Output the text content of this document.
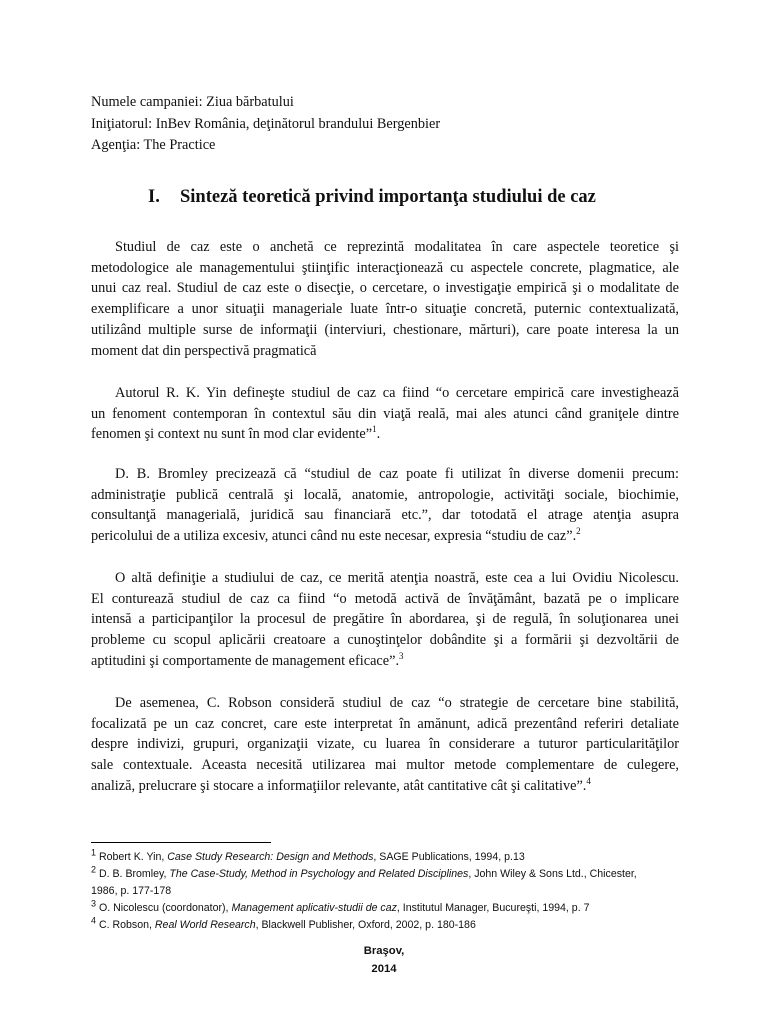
Numele campaniei: Ziua bărbatului
Iniţiatorul: InBev România, deţinătorul brandului Bergenbier
Agenţia: The Practice
I. Sinteză teoretică privind importanţa studiului de caz
Studiul de caz este o anchetă ce reprezintă modalitatea în care aspectele teoretice şi
metodologice ale managementului ştiinţific interacţionează cu aspectele concrete, plagmatice, ale
unui caz real. Studiul de caz este o disecţie, o cercetare, o investigaţie empirică şi o modalitate de
exemplificare a unor situaţii manageriale luate într-o situaţie concretă, puternic contextualizată,
utilizând multiple surse de informaţii (interviuri, chestionare, mărturi), care poate interesa la un
moment dat din perspectivă pragmatică
Autorul R. K. Yin defineşte studiul de caz ca fiind “o cercetare empirică care investighează
un fenoment contemporan în contextul său din viaţă reală, mai ales atunci când graniţele dintre
fenomen şi context nu sunt în mod clar evidente”$^1$.
D. B. Bromley precizează că “studiul de caz poate fi utilizat în diverse domenii precum:
administraţie publică centrală şi locală, anatomie, antropologie, activităţi sociale, biochimie,
consultanţă managerială, juridică sau financiară etc.”, dar totodată el atrage atenţia asupra
pericolului de a utiliza excesiv, atunci când nu este necesar, expresia “studiu de caz”.$^2$
O altă definiţie a studiului de caz, ce merită atenţia noastră, este cea a lui Ovidiu Nicolescu.
El conturează studiul de caz ca fiind “o metodă activă de învăţământ, bazată pe o implicare
intensă a participanţilor la procesul de pregătire în abordarea, şi de regulă, în soluţionarea unei
probleme cu scopul aplicării creatoare a cunoştinţelor dobândite şi a formării şi dezvoltării de
aptitudini şi comportamente de management eficace”.$^3$
De asemenea, C. Robson consideră studiul de caz “o strategie de cercetare bine stabilită,
focalizată pe un caz concret, care este interpretat în amănunt, adică prezentând referiri detaliate
despre indivizi, grupuri, organizaţii vizate, cu luarea în considerare a tuturor particularităţilor
sale contextuale. Aceasta necesită utilizarea mai multor metode complementare de culegere,
analiză, prelucrare şi stocare a informaţiilor relevante, atât cantitative cât şi calitative”.$^4$
$^1$ Robert K. Yin, Case Study Research: Design and Methods, SAGE Publications, 1994, p.13
$^2$ D. B. Bromley, The Case-Study, Method in Psychology and Related Disciplines, John Wiley & Sons Ltd., Chicester,
1986, p. 177-178
$^3$ O. Nicolescu (coordonator), Management aplicativ-studii de caz, Institutul Manager, Bucureşti, 1994, p. 7
$^4$ C. Robson, Real World Research, Blackwell Publisher, Oxford, 2002, p. 180-186
Braşov,
2014
